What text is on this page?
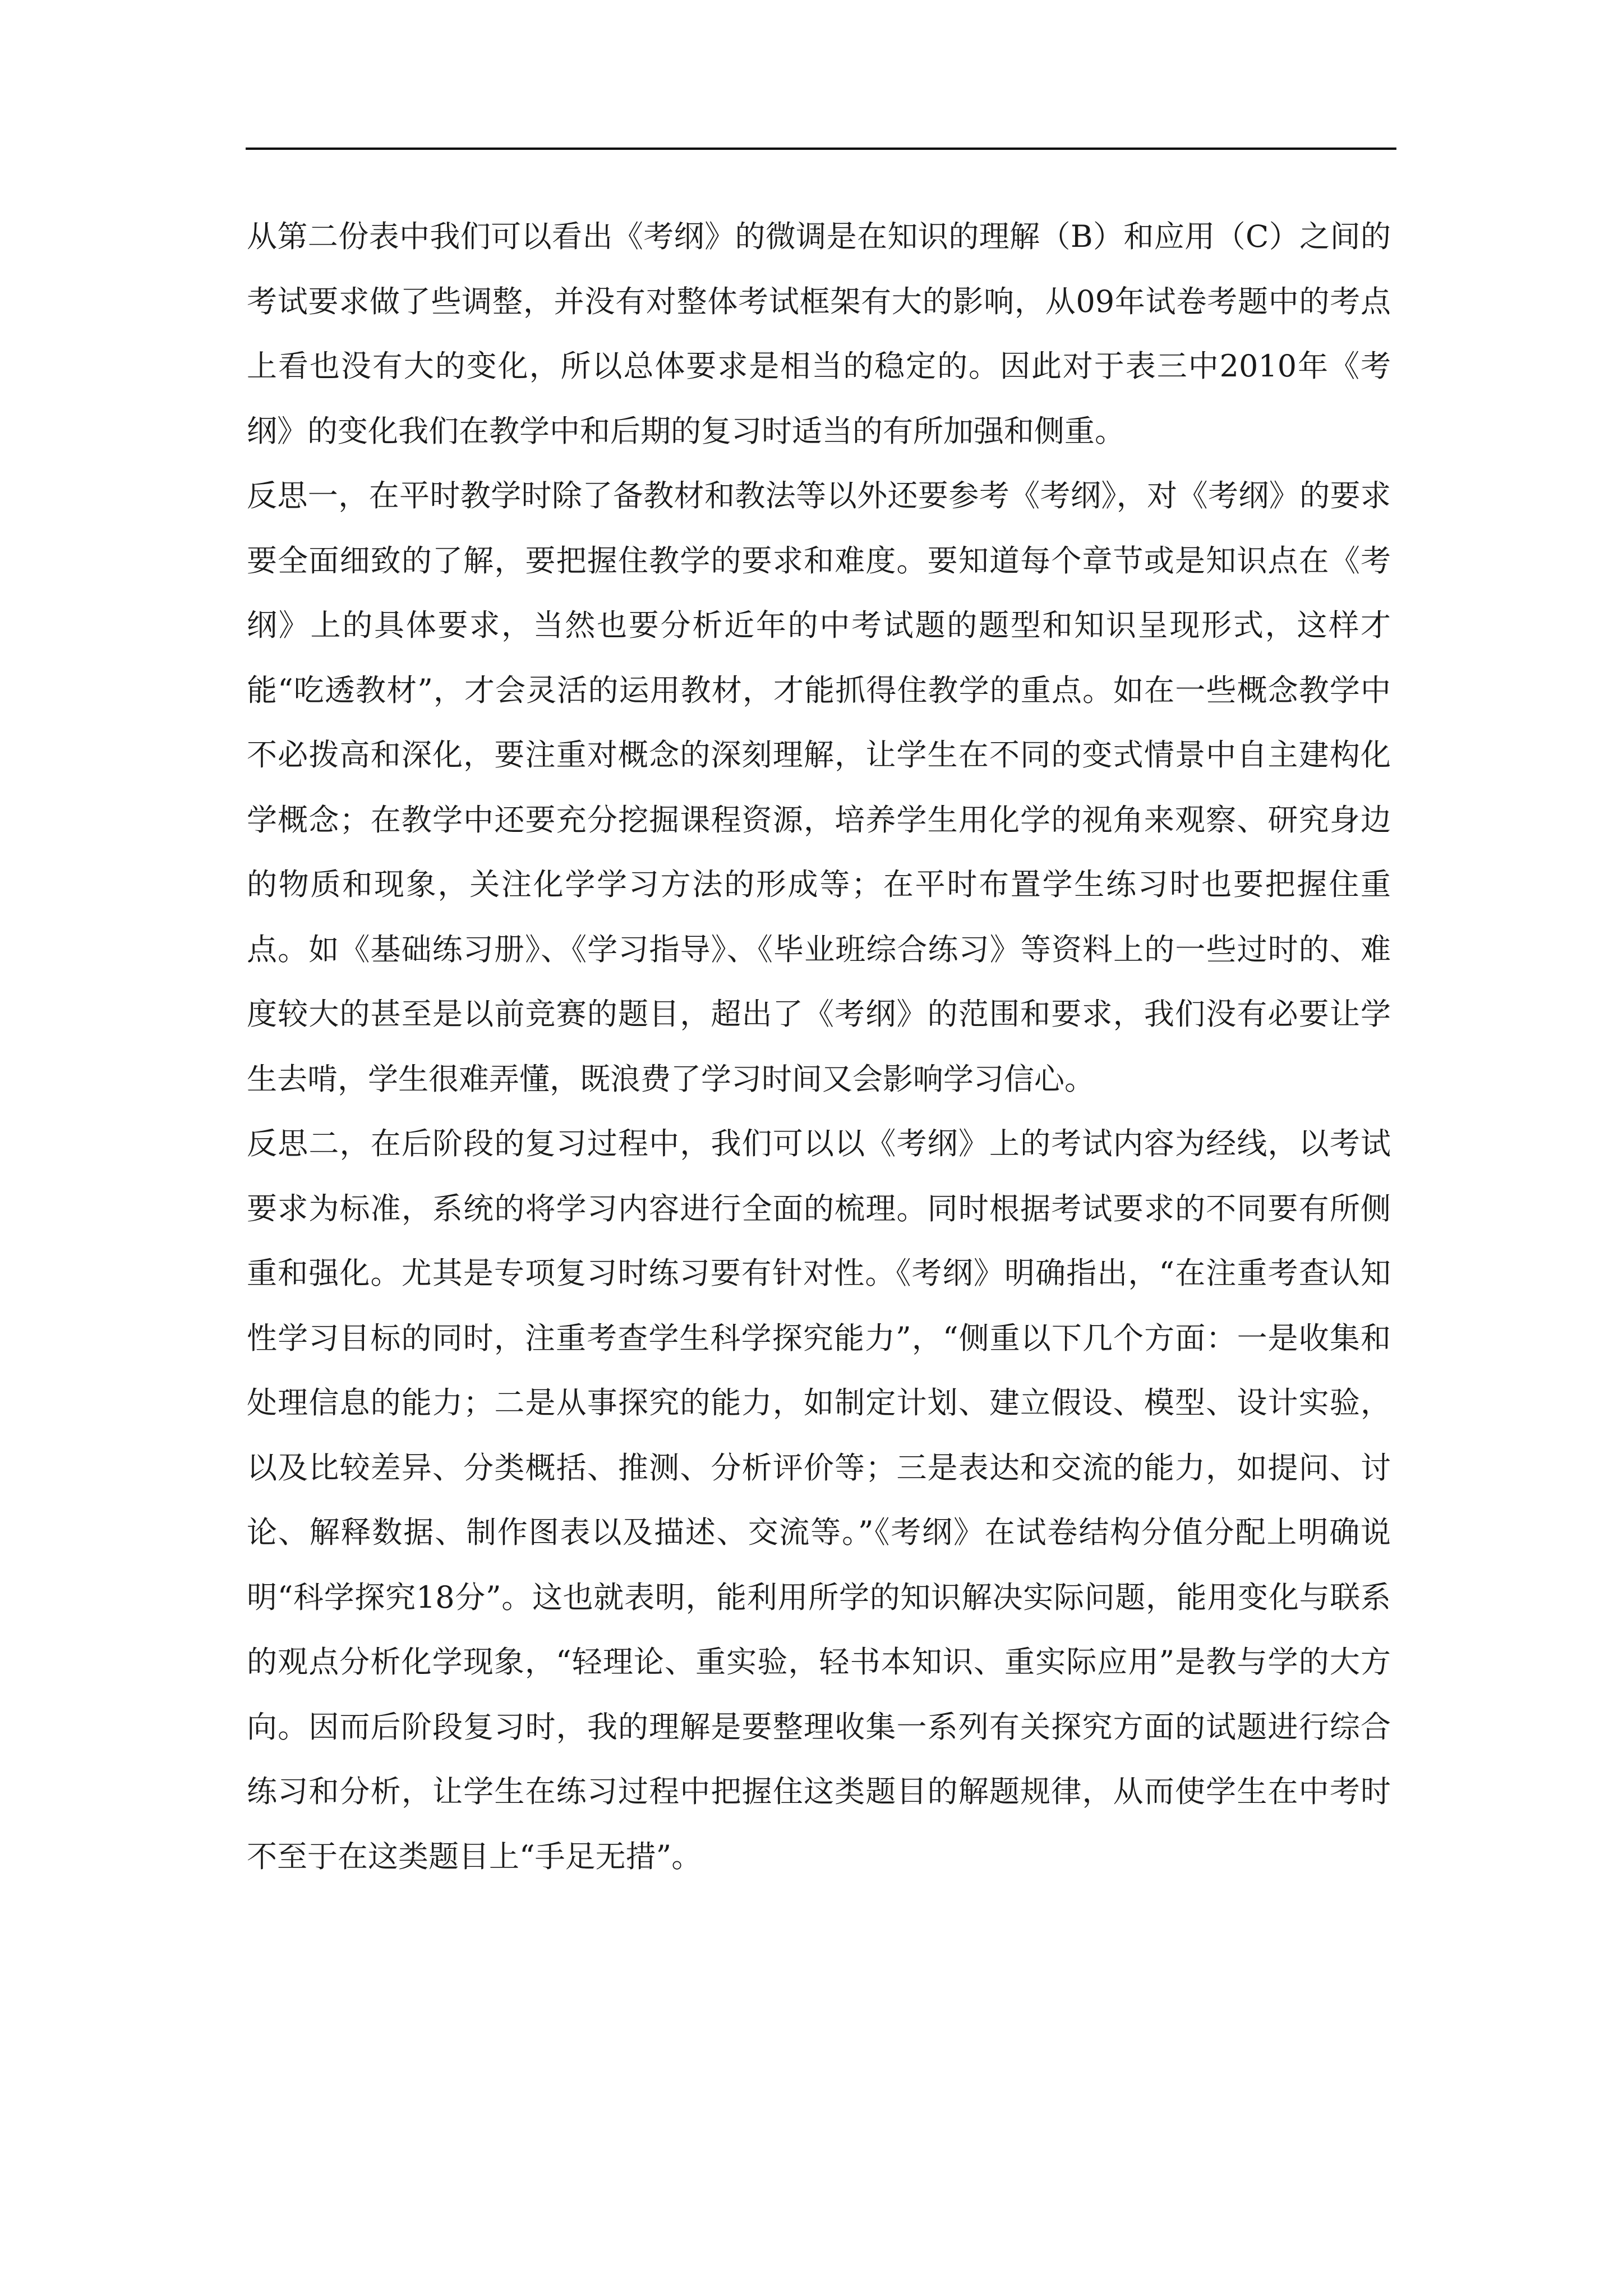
从第二份表中我们可以看出《考纲》的微调是在知识的理解（B）和应用（C）之间的考试要求做了些调整，并没有对整体考试框架有大的影响，从09年试卷考题中的考点上看也没有大的变化，所以总体要求是相当的稳定的。因此对于表三中2010年《考纲》的变化我们在教学中和后期的复习时适当的有所加强和侧重。

反思一，在平时教学时除了备教材和教法等以外还要参考《考纲》，对《考纲》的要求要全面细致的了解，要把握住教学的要求和难度。要知道每个章节或是知识点在《考纲》上的具体要求，当然也要分析近年的中考试题的题型和知识呈现形式，这样才能“吃透教材”，才会灵活的运用教材，才能抓得住教学的重点。如在一些概念教学中不必拨高和深化，要注重对概念的深刻理解，让学生在不同的变式情景中自主建构化学概念；在教学中还要充分挖掘课程资源，培养学生用化学的视角来观察、研究身边的物质和现象，关注化学学习方法的形成等；在平时布置学生练习时也要把握住重点。如《基础练习册》、《学习指导》、《毕业班综合练习》等资料上的一些过时的、难度较大的甚至是以前竞赛的题目，超出了《考纲》的范围和要求，我们没有必要让学生去啃，学生很难弄懂，既浪费了学习时间又会影响学习信心。

反思二，在后阶段的复习过程中，我们可以以《考纲》上的考试内容为经线，以考试要求为标准，系统的将学习内容进行全面的梳理。同时根据考试要求的不同要有所侧重和强化。尤其是专项复习时练习要有针对性。《考纲》明确指出，“在注重考查认知性学习目标的同时，注重考查学生科学探究能力”，“侧重以下几个方面：一是收集和处理信息的能力；二是从事探究的能力，如制定计划、建立假设、模型、设计实验，以及比较差异、分类概括、推测、分析评价等；三是表达和交流的能力，如提问、讨论、解释数据、制作图表以及描述、交流等。”《考纲》在试卷结构分值分配上明确说明“科学探究18分”。这也就表明，能利用所学的知识解决实际问题，能用变化与联系的观点分析化学现象，“轻理论、重实验，轻书本知识、重实际应用”是教与学的大方向。因而后阶段复习时，我的理解是要整理收集一系列有关探究方面的试题进行综合练习和分析，让学生在练习过程中把握住这类题目的解题规律，从而使学生在中考时不至于在这类题目上“手足无措”。
